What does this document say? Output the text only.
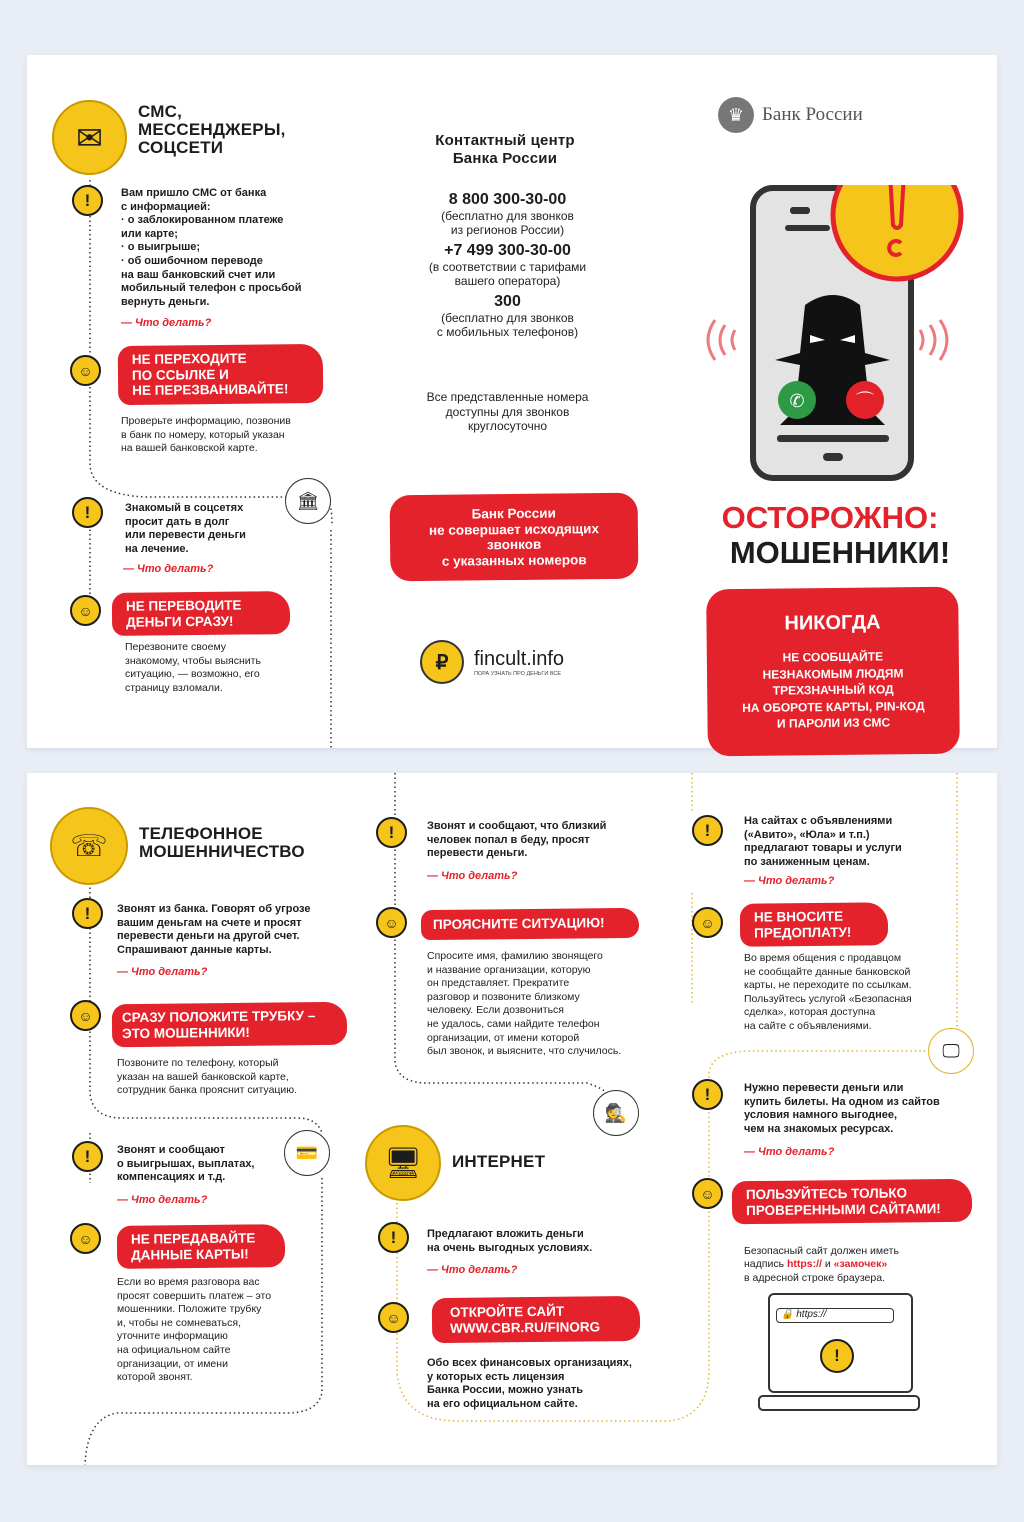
✉
СМС,
МЕССЕНДЖЕРЫ,
СОЦСЕТИ
!	Вам пришло СМС от банка
с информацией:
· о заблокированном платеже
или карте;
· о выигрыше;
· об ошибочном переводе
на ваш банковский счет или
мобильный телефон с просьбой
вернуть деньги.
— Что делать?
☺
НЕ ПЕРЕХОДИТЕ
ПО ССЫЛКЕ И
НЕ ПЕРЕЗВАНИВАЙТЕ!
Проверьте информацию, позвонив
в банк по номеру, который указан
на вашей банковской карте.
🏛
!	Знакомый в соцсетях
просит дать в долг
или перевести деньги
на лечение.
— Что делать?
☺	НЕ ПЕРЕВОДИТЕ
ДЕНЬГИ СРАЗУ!
Перезвоните своему
знакомому, чтобы выяснить
ситуацию, — возможно, его
страницу взломали.
Контактный центр
Банка России
8 800 300-30-00
(бесплатно для звонков
из регионов России)
+7 499 300-30-00
(в соответствии с тарифами
вашего оператора)
300
(бесплатно для звонков
с мобильных телефонов)
Все представленные номера
доступны для звонков
круглосуточно
Банк России
не совершает исходящих
звонков
с указанных номеров
₽	fincult.info
ПОРА УЗНАТЬ ПРО ДЕНЬГИ ВСЕ
♛ Банк России
✆	⌒
ОСТОРОЖНО:
МОШЕННИКИ!

НИКОГДА

НЕ СООБЩАЙТЕ
НЕЗНАКОМЫМ ЛЮДЯМ
ТРЕХЗНАЧНЫЙ КОД
НА ОБОРОТЕ КАРТЫ, PIN-КОД
И ПАРОЛИ ИЗ СМС

☏	ТЕЛЕФОННОЕ
МОШЕННИЧЕСТВО
!	Звонят из банка. Говорят об угрозе
вашим деньгам на счете и просят
перевести деньги на другой счет.
Спрашивают данные карты.
— Что делать?
☺	СРАЗУ ПОЛОЖИТЕ ТРУБКУ –
ЭТО МОШЕННИКИ!
Позвоните по телефону, который
указан на вашей банковской карте,
сотрудник банка прояснит ситуацию.
💳
!	Звонят и сообщают
о выигрышах, выплатах,
компенсациях и т.д.
— Что делать?
☺	НЕ ПЕРЕДАВАЙТЕ
ДАННЫЕ КАРТЫ!
Если во время разговора вас
просят совершить платеж – это
мошенники. Положите трубку
и, чтобы не сомневаться,
уточните информацию
на официальном сайте
организации, от имени
которой звонят.
!	Звонят и сообщают, что близкий
человек попал в беду, просят
перевести деньги.
— Что делать?
☺	ПРОЯСНИТЕ СИТУАЦИЮ!
Спросите имя, фамилию звонящего
и название организации, которую
он представляет. Прекратите
разговор и позвоните близкому
человеку. Если дозвониться
не удалось, сами найдите телефон
организации, от имени которой
был звонок, и выясните, что случилось.
🕵
🖥	ИНТЕРНЕТ
!	Предлагают вложить деньги
на очень выгодных условиях.
— Что делать?
☺	ОТКРОЙТЕ САЙТ
WWW.CBR.RU/FINORG
Обо всех финансовых организациях,
у которых есть лицензия
Банка России, можно узнать
на его официальном сайте.
!	На сайтах с объявлениями
(«Авито», «Юла» и т.п.)
предлагают товары и услуги
по заниженным ценам.
— Что делать?
☺	НЕ ВНОСИТЕ
ПРЕДОПЛАТУ!
Во время общения с продавцом
не сообщайте данные банковской
карты, не переходите по ссылкам.
Пользуйтесь услугой «Безопасная
сделка», которая доступна
на сайте с объявлениями.
🖵
!	Нужно перевести деньги или
купить билеты. На одном из сайтов
условия намного выгоднее,
чем на знакомых ресурсах.
— Что делать?
☺	ПОЛЬЗУЙТЕСЬ ТОЛЬКО
ПРОВЕРЕННЫМИ САЙТАМИ!

Безопасный сайт должен иметь
надпись https:// и «замочек»
в адресной строке браузера.

🔒 https://
!
